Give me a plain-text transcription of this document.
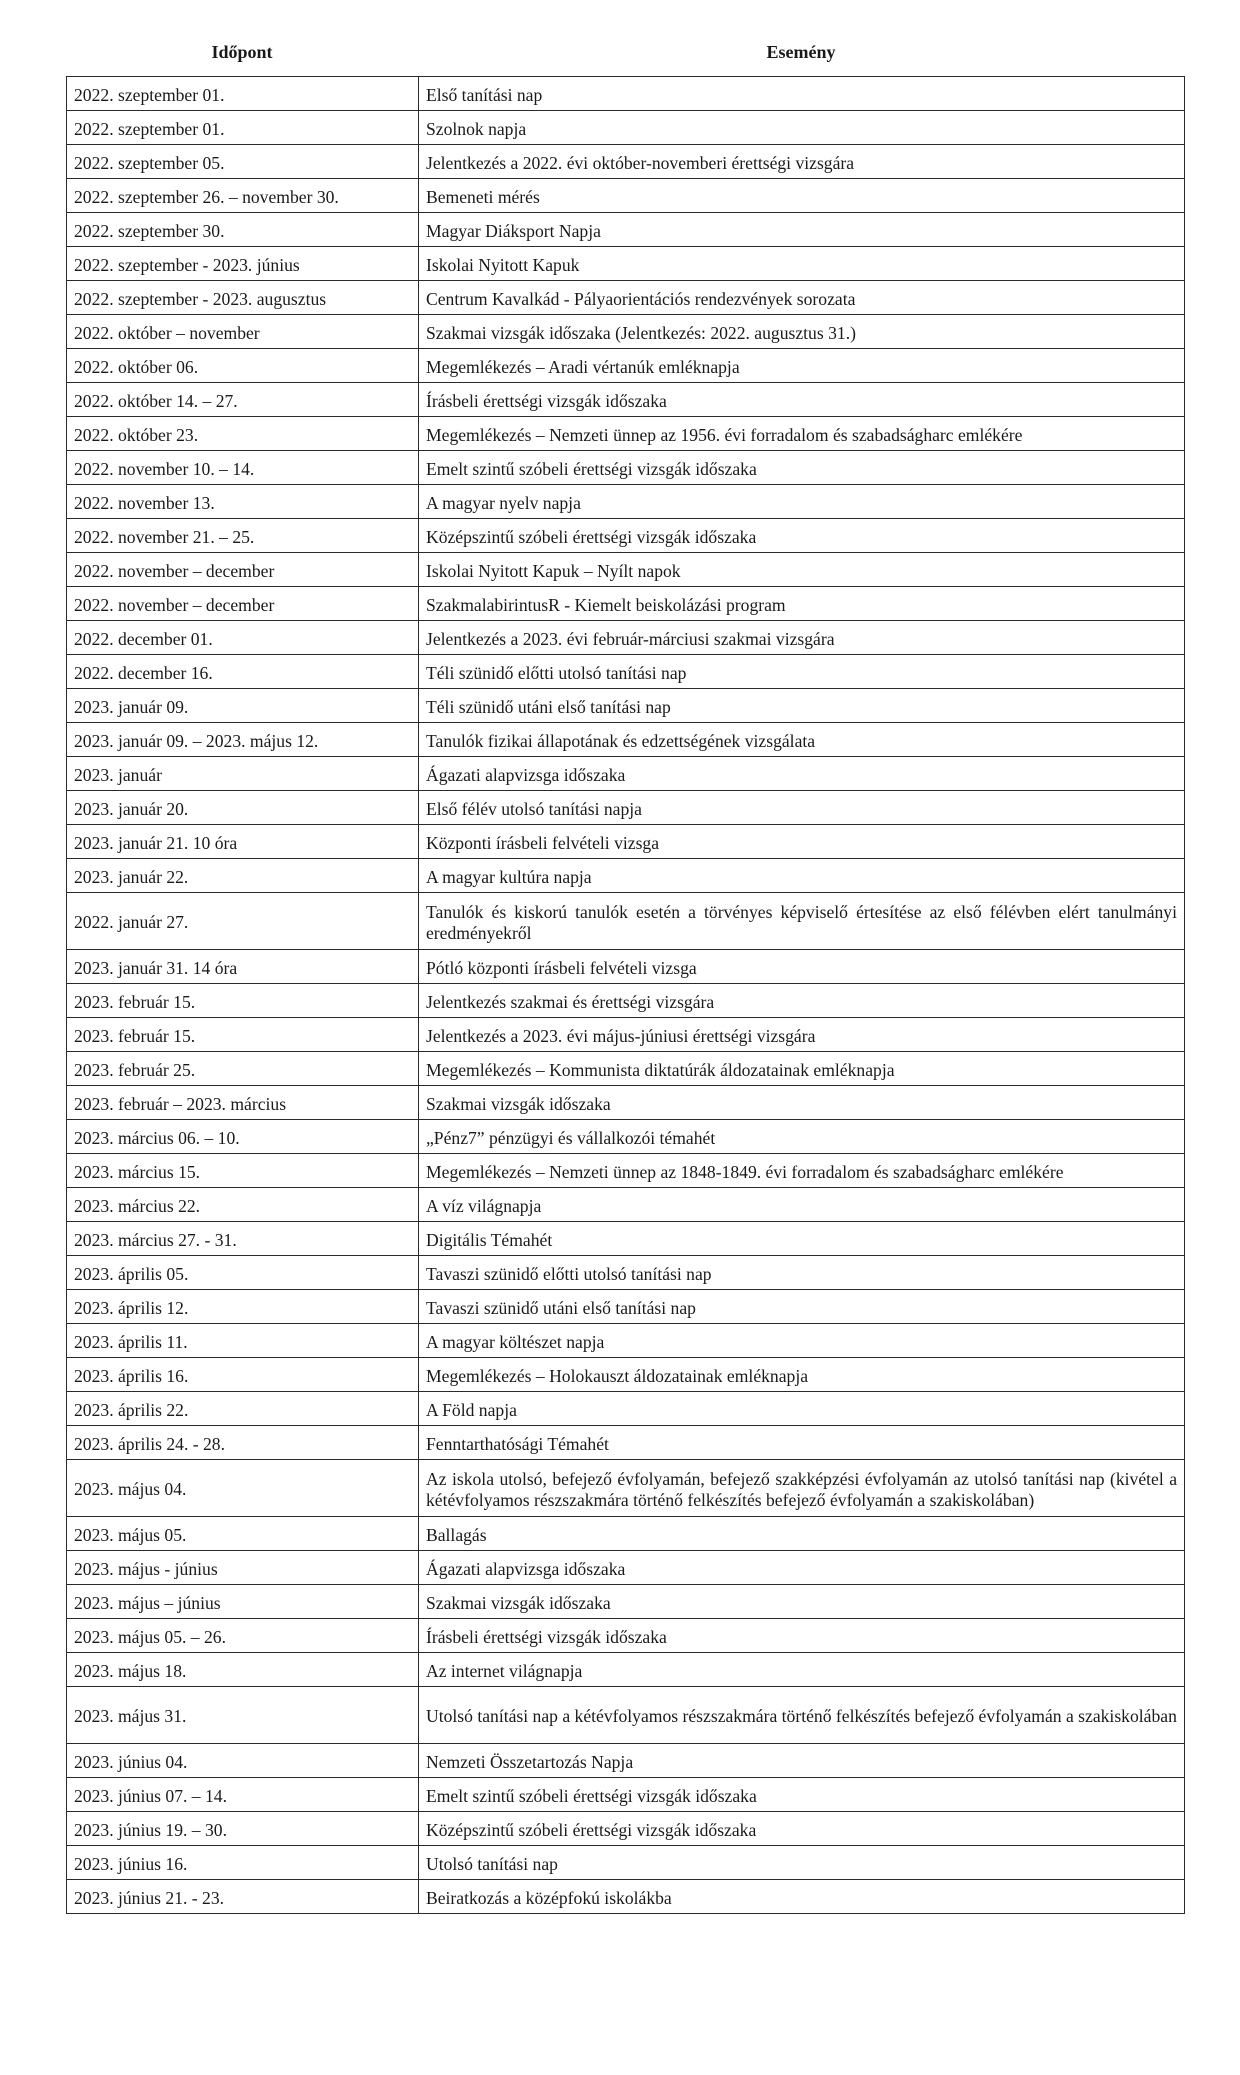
Időpont	Esemény
2022. szeptember 01.	Első tanítási nap
2022. szeptember 01.	Szolnok napja
2022. szeptember 05.	Jelentkezés a 2022. évi október-novemberi érettségi vizsgára
2022. szeptember 26. – november 30.	Bemeneti mérés
2022. szeptember 30.	Magyar Diáksport Napja
2022. szeptember - 2023. június	Iskolai Nyitott Kapuk
2022. szeptember - 2023. augusztus	Centrum Kavalkád - Pályaorientációs rendezvények sorozata
2022. október – november	Szakmai vizsgák időszaka (Jelentkezés: 2022. augusztus 31.)
2022. október 06.	Megemlékezés – Aradi vértanúk emléknapja
2022. október 14. – 27.	Írásbeli érettségi vizsgák időszaka
2022. október 23.	Megemlékezés – Nemzeti ünnep az 1956. évi forradalom és szabadságharc emlékére
2022. november 10. – 14.	Emelt szintű szóbeli érettségi vizsgák időszaka
2022. november 13.	A magyar nyelv napja
2022. november 21. – 25.	Középszintű szóbeli érettségi vizsgák időszaka
2022. november – december	Iskolai Nyitott Kapuk – Nyílt napok
2022. november – december	SzakmalabirintusR - Kiemelt beiskolázási program
2022. december 01.	Jelentkezés a 2023. évi február-márciusi szakmai vizsgára
2022. december 16.	Téli szünidő előtti utolsó tanítási nap
2023. január 09.	Téli szünidő utáni első tanítási nap
2023. január 09. – 2023. május 12.	Tanulók fizikai állapotának és edzettségének vizsgálata
2023. január	Ágazati alapvizsga időszaka
2023. január 20.	Első félév utolsó tanítási napja
2023. január 21. 10 óra	Központi írásbeli felvételi vizsga
2023. január 22.	A magyar kultúra napja
2022. január 27.	Tanulók és kiskorú tanulók esetén a törvényes képviselő értesítése az első félévben elért tanulmányi eredményekről
2023. január 31. 14 óra	Pótló központi írásbeli felvételi vizsga
2023. február 15.	Jelentkezés szakmai és érettségi vizsgára
2023. február 15.	Jelentkezés a 2023. évi május-júniusi érettségi vizsgára
2023. február 25.	Megemlékezés – Kommunista diktatúrák áldozatainak emléknapja
2023. február – 2023. március	Szakmai vizsgák időszaka
2023. március 06. – 10.	„Pénz7” pénzügyi és vállalkozói témahét
2023. március 15.	Megemlékezés – Nemzeti ünnep az 1848-1849. évi forradalom és szabadságharc emlékére
2023. március 22.	A víz világnapja
2023. március 27. - 31.	Digitális Témahét
2023. április 05.	Tavaszi szünidő előtti utolsó tanítási nap
2023. április 12.	Tavaszi szünidő utáni első tanítási nap
2023. április 11.	A magyar költészet napja
2023. április 16.	Megemlékezés – Holokauszt áldozatainak emléknapja
2023. április 22.	A Föld napja
2023. április 24. - 28.	Fenntarthatósági Témahét
2023. május 04.	Az iskola utolsó, befejező évfolyamán, befejező szakképzési évfolyamán az utolsó tanítási nap (kivétel a kétévfolyamos részszakmára történő felkészítés befejező évfolyamán a szakiskolában)
2023. május 05.	Ballagás
2023. május - június	Ágazati alapvizsga időszaka
2023. május – június	Szakmai vizsgák időszaka
2023. május 05. – 26.	Írásbeli érettségi vizsgák időszaka
2023. május 18.	Az internet világnapja
2023. május 31.	Utolsó tanítási nap a kétévfolyamos részszakmára történő felkészítés befejező évfolyamán a szakiskolában
2023. június 04.	Nemzeti Összetartozás Napja
2023. június 07. – 14.	Emelt szintű szóbeli érettségi vizsgák időszaka
2023. június 19. – 30.	Középszintű szóbeli érettségi vizsgák időszaka
2023. június 16.	Utolsó tanítási nap
2023. június 21. - 23.	Beiratkozás a középfokú iskolákba
